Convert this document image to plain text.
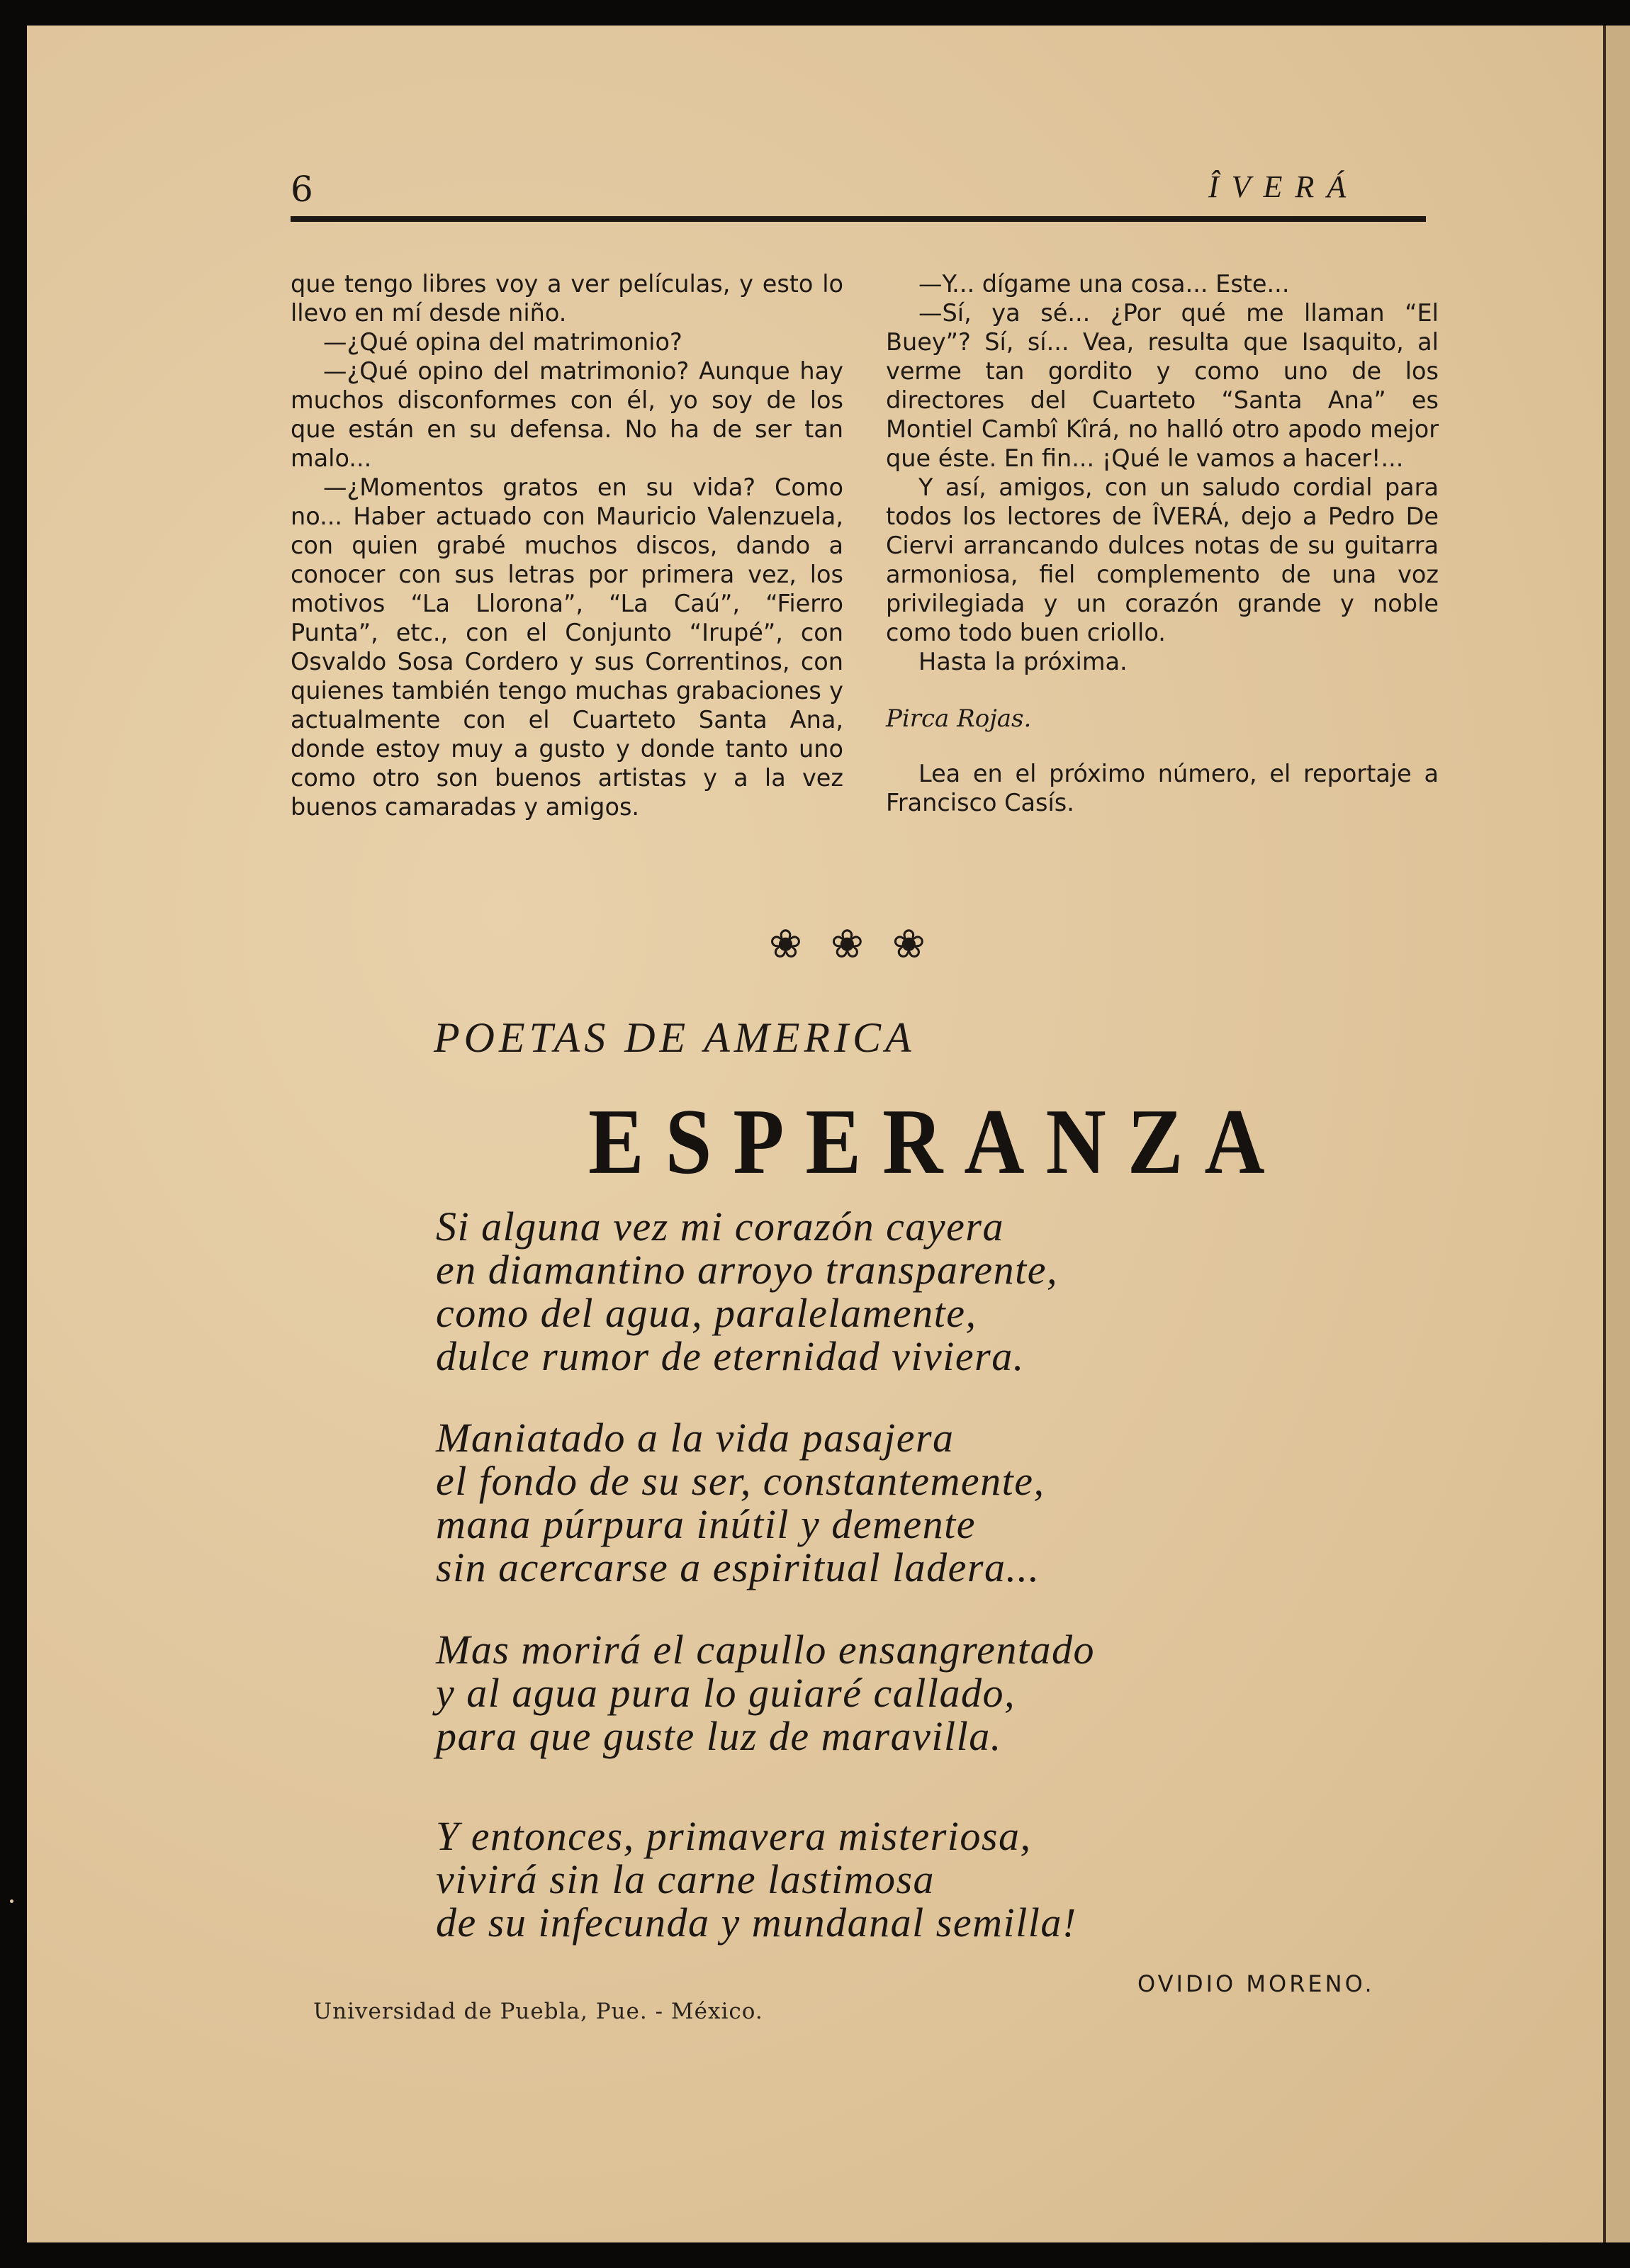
6	ÎVERÁ

que tengo libres voy a ver películas, y esto lo llevo en mí desde niño.

—¿Qué opina del matrimonio?

—¿Qué opino del matrimonio? Aunque hay muchos disconformes con él, yo soy de los que están en su defensa. No ha de ser tan malo...

—¿Momentos gratos en su vida? Como no... Haber actuado con Mauricio Valenzuela, con quien grabé muchos discos, dando a conocer con sus letras por primera vez, los motivos “La Llorona”, “La Caú”, “Fierro Punta”, etc., con el Conjunto “Irupé”, con Osvaldo Sosa Cordero y sus Correntinos, con quienes también tengo muchas grabaciones y actualmente con el Cuarteto Santa Ana, donde estoy muy a gusto y donde tanto uno como otro son buenos artistas y a la vez buenos camaradas y amigos.

—Y... dígame una cosa... Este...

—Sí, ya sé... ¿Por qué me llaman “El Buey”? Sí, sí... Vea, resulta que Isaquito, al verme tan gordito y como uno de los directores del Cuarteto “Santa Ana” es Montiel Cambî Kîrá, no halló otro apodo mejor que éste. En fin... ¡Qué le vamos a hacer!...

Y así, amigos, con un saludo cordial para todos los lectores de ÎVERÁ, dejo a Pedro De Ciervi arrancando dulces notas de su guitarra armoniosa, fiel complemento de una voz privilegiada y un corazón grande y noble como todo buen criollo.

Hasta la próxima.

Pirca Rojas.

Lea en el próximo número, el reportaje a Francisco Casís.

❀❀❀
POETAS DE AMERICA
ESPERANZA
Si alguna vez mi corazón cayera
en diamantino arroyo transparente,
como del agua, paralelamente,
dulce rumor de eternidad viviera.
Maniatado a la vida pasajera
el fondo de su ser, constantemente,
mana púrpura inútil y demente
sin acercarse a espiritual ladera...
Mas morirá el capullo ensangrentado
y al agua pura lo guiaré callado,
para que guste luz de maravilla.
Y entonces, primavera misteriosa,
vivirá sin la carne lastimosa
de su infecunda y mundanal semilla!
OVIDIO MORENO.
Universidad de Puebla, Pue. - México.
